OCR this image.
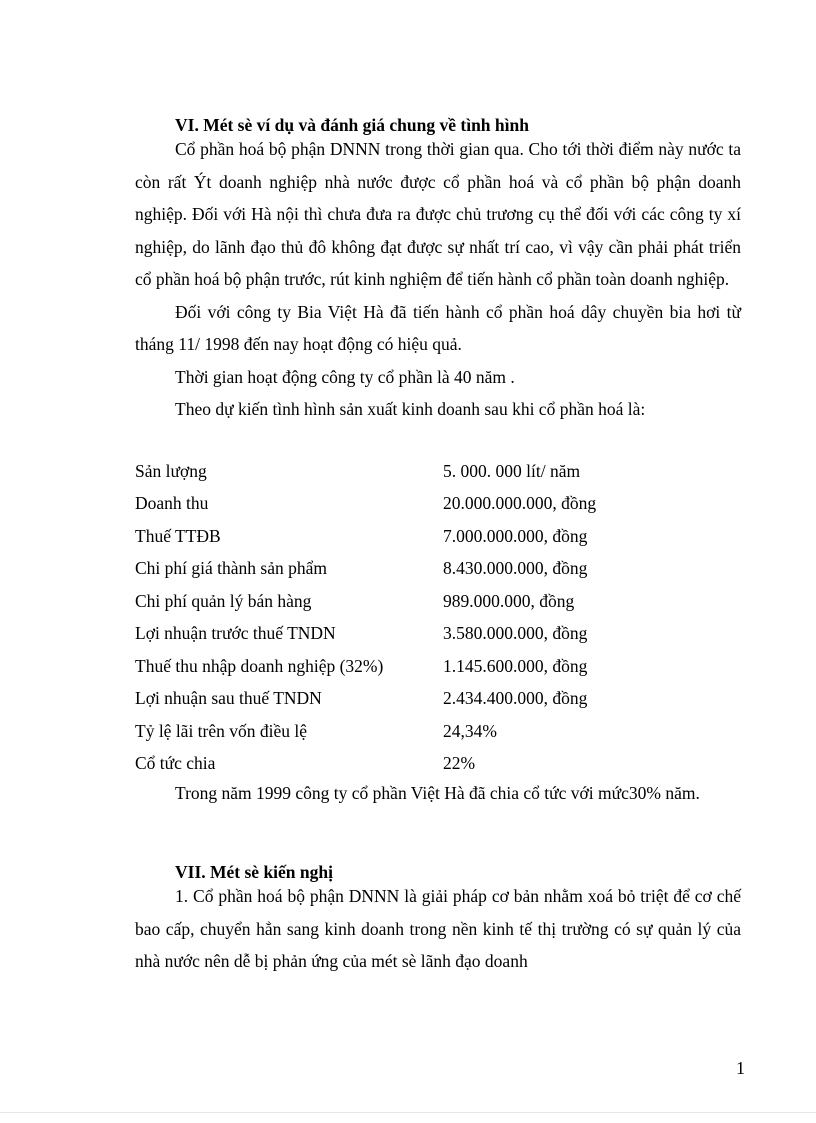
VI. Mét sè ví dụ và đánh giá chung về tình hình

Cổ phần hoá bộ phận DNNN trong thời gian qua. Cho tới thời điểm này nước ta còn rất Ýt doanh nghiệp nhà nước được cổ phần hoá và cổ phần bộ phận doanh nghiệp. Đối với Hà nội thì chưa đưa ra được chủ trương cụ thể đối với các công ty xí nghiệp, do lãnh đạo thủ đô không đạt được sự nhất trí cao, vì vậy cần phải phát triển cổ phần hoá bộ phận trước, rút kinh nghiệm để tiến hành cổ phần toàn doanh nghiệp.

Đối với công ty Bia Việt Hà đã tiến hành cổ phần hoá dây chuyền bia hơi từ tháng 11/ 1998 đến nay hoạt động có hiệu quả.

Thời gian hoạt động công ty cổ phần là 40 năm .

Theo dự kiến tình hình sản xuất kinh doanh sau khi cổ phần hoá là:

Sản lượng	5. 000. 000 lít/ năm
Doanh thu	20.000.000.000, đồng
Thuế TTĐB	7.000.000.000, đồng
Chi phí giá thành sản phẩm	8.430.000.000, đồng
Chi phí quản lý bán hàng	989.000.000, đồng
Lợi nhuận trước thuế TNDN	3.580.000.000, đồng
Thuế thu nhập doanh nghiệp (32%)	1.145.600.000, đồng
Lợi nhuận sau thuế TNDN	2.434.400.000, đồng
Tỷ lệ lãi trên vốn điều lệ	24,34%
Cổ tức chia	22%

Trong năm 1999 công ty cổ phần Việt Hà đã chia cổ tức với mức30% năm.

VII. Mét sè kiến nghị

1. Cổ phần hoá bộ phận DNNN là giải pháp cơ bản nhằm xoá bỏ triệt để cơ chế bao cấp, chuyển hẳn sang kinh doanh trong nền kinh tế thị trường có sự quản lý của nhà nước nên dễ bị phản ứng của mét sè lãnh đạo doanh

1
